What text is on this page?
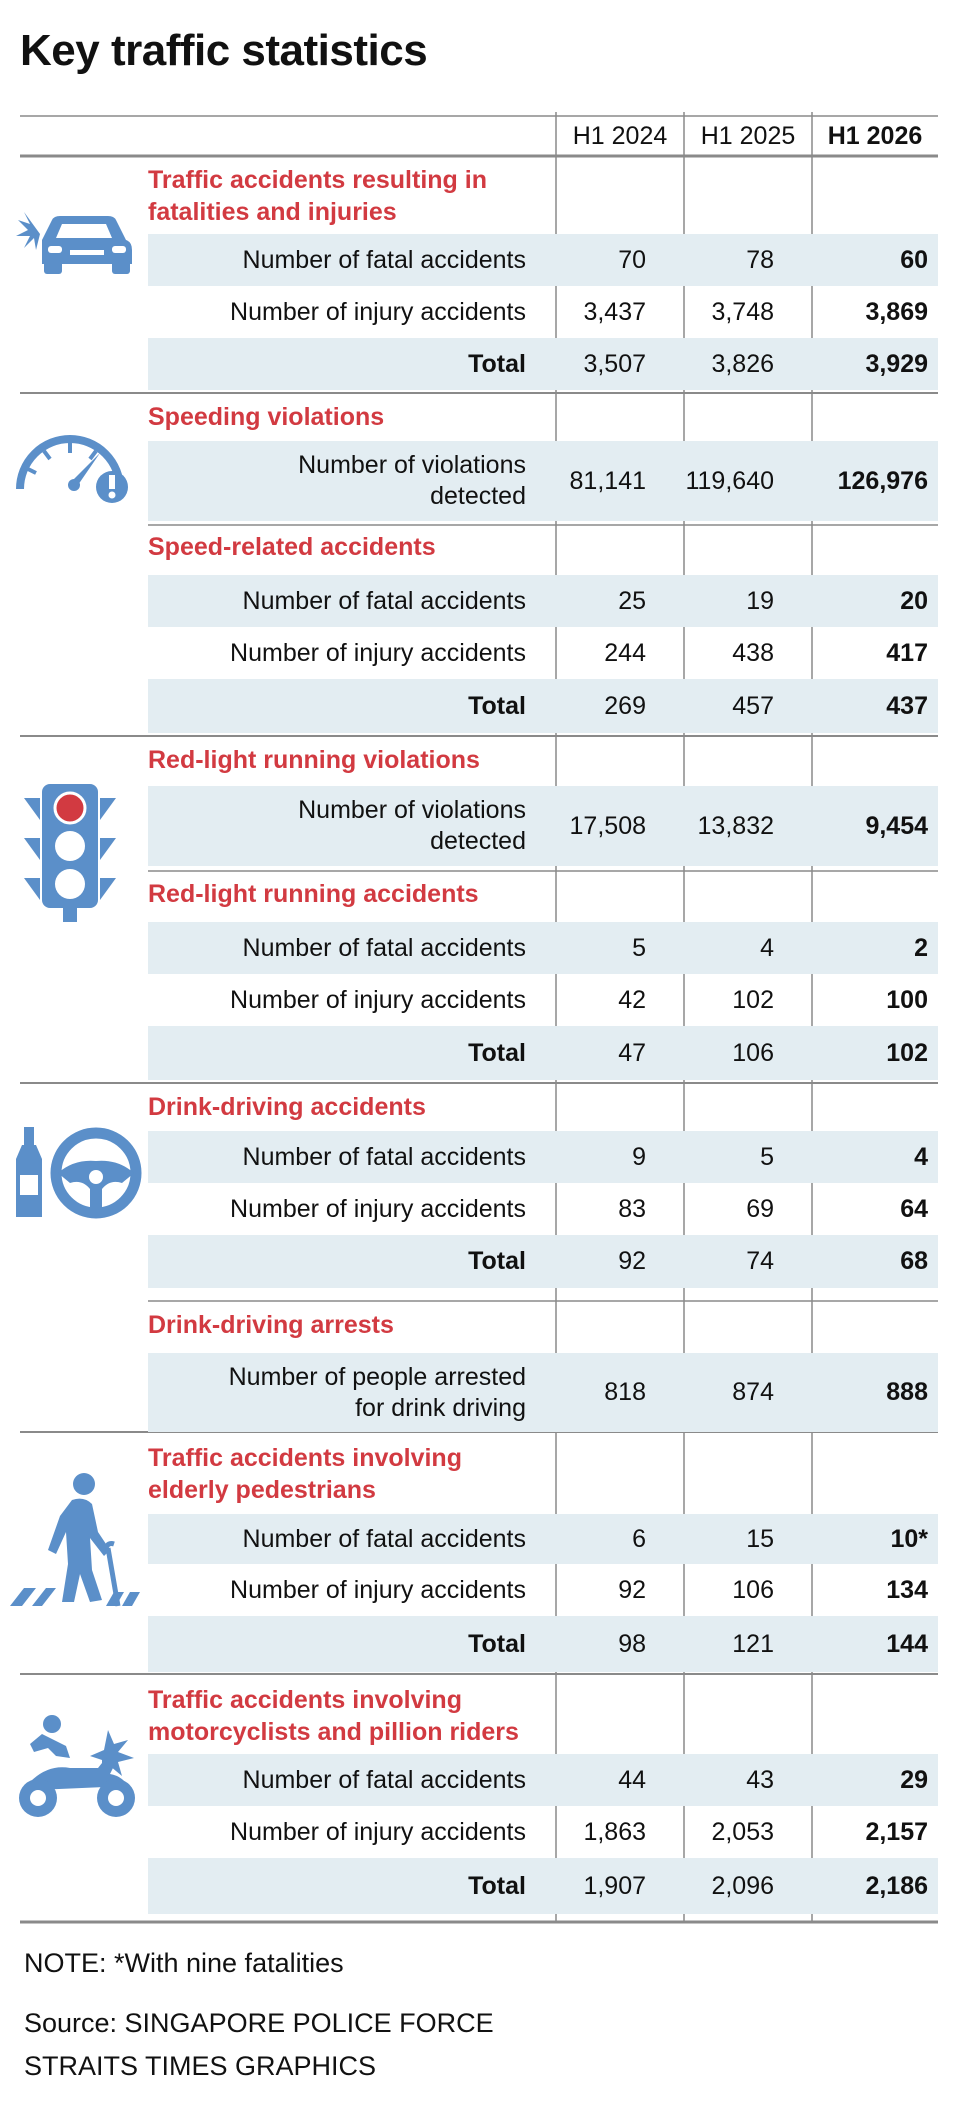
Key traffic statistics
H1 2024	H1 2025	H1 2026
Traffic accidents resulting in
fatalities and injuries
Number of fatal accidents	70	78	60
Number of injury accidents	3,437	3,748	3,869
Total	3,507	3,826	3,929
Speeding violations
Number of violations
detected
81,141 119,640	126,976
Speed-related accidents
Number of fatal accidents	25	19	20
Number of injury accidents	244	438	417
Total	269	457	437
Red-light running violations
Number of violations
detected
17,508 13,832	9,454
Red-light running accidents
Number of fatal accidents	5	4	2
Number of injury accidents	42	102	100
Total	47	106	102
Drink-driving accidents
Number of fatal accidents	9	5	4
Number of injury accidents	83	69	64
Total	92	74	68
Drink-driving arrests
Number of people arrested
for drink driving
818	874	888
Traffic accidents involving
elderly pedestrians
Number of fatal accidents	6	15	10*
Number of injury accidents	92	106	134
Total	98	121	144
Traffic accidents involving
motorcyclists and pillion riders
Number of fatal accidents	44	43	29
Number of injury accidents	1,863	2,053	2,157
Total	1,907	2,096	2,186
NOTE: *With nine fatalities
Source: SINGAPORE POLICE FORCE
STRAITS TIMES GRAPHICS
